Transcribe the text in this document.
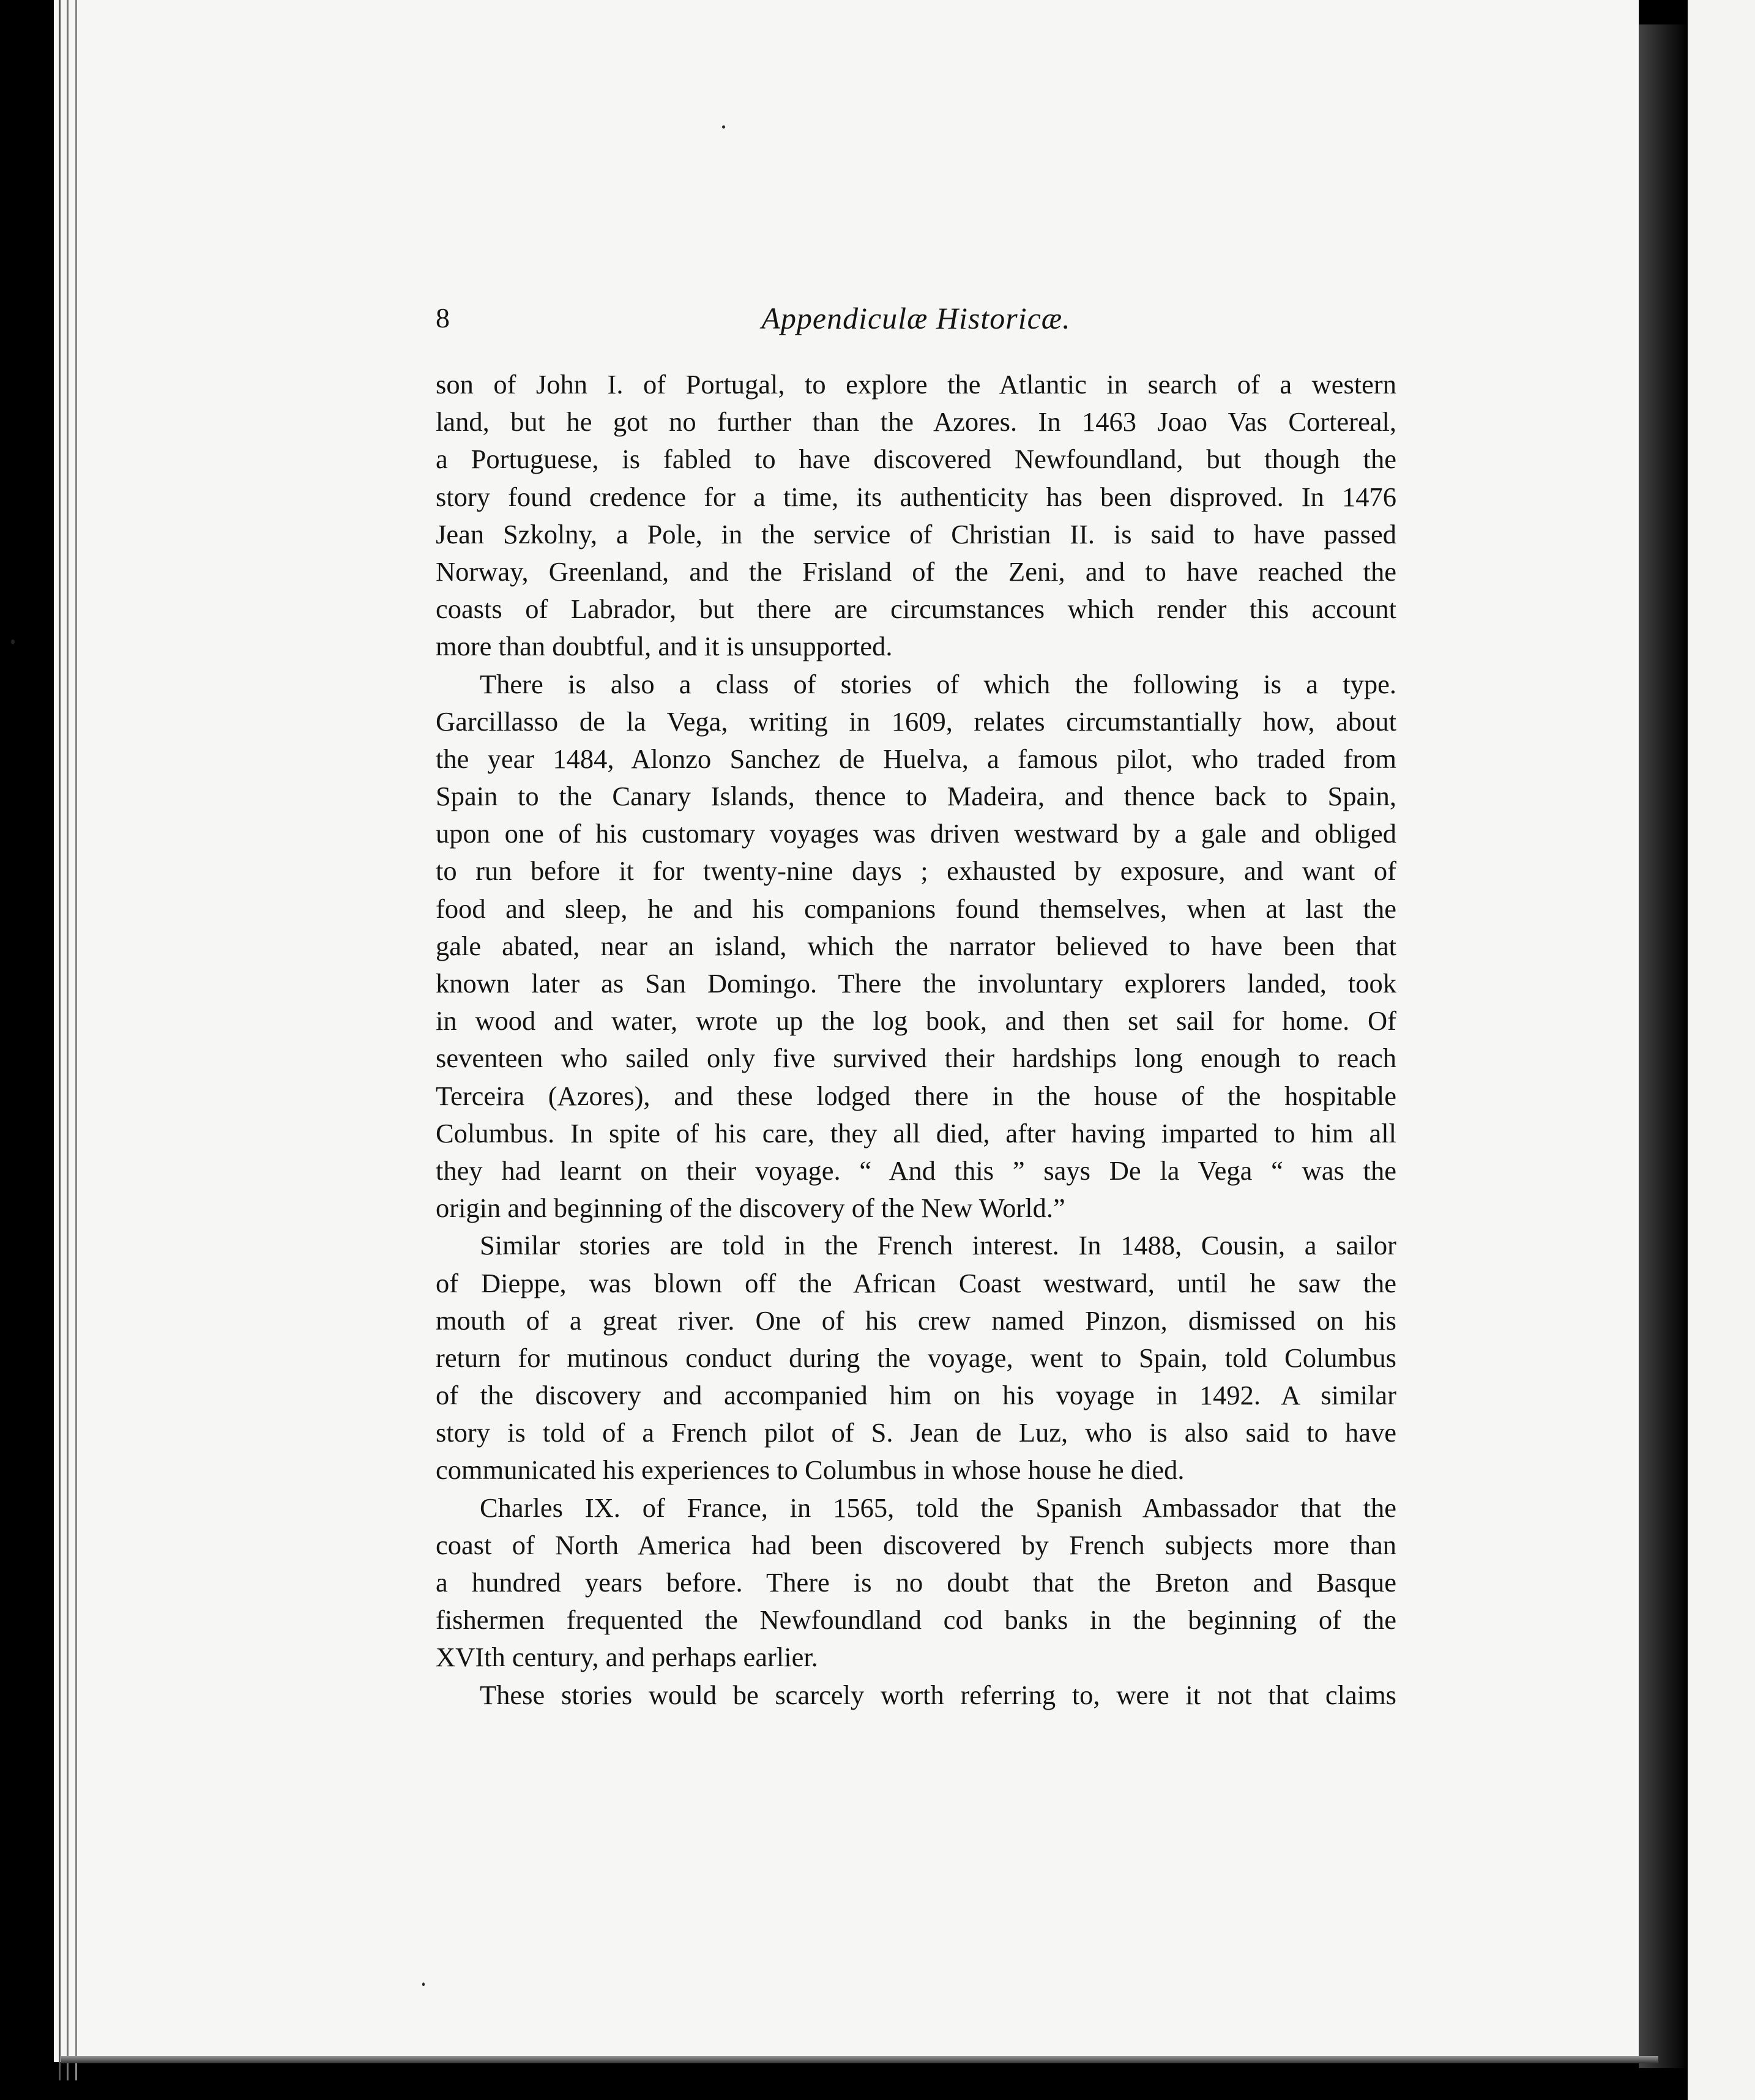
8	Appendiculæ Historicæ.
son of John I. of Portugal, to explore the Atlantic in search of a western
land, but he got no further than the Azores. In 1463 Joao Vas Cortereal,
a Portuguese, is fabled to have discovered Newfoundland, but though the
story found credence for a time, its authenticity has been disproved. In 1476
Jean Szkolny, a Pole, in the service of Christian II. is said to have passed
Norway, Greenland, and the Frisland of the Zeni, and to have reached the
coasts of Labrador, but there are circumstances which render this account
more than doubtful, and it is unsupported.
There is also a class of stories of which the following is a type.
Garcillasso de la Vega, writing in 1609, relates circumstantially how, about
the year 1484, Alonzo Sanchez de Huelva, a famous pilot, who traded from
Spain to the Canary Islands, thence to Madeira, and thence back to Spain,
upon one of his customary voyages was driven westward by a gale and obliged
to run before it for twenty-nine days ; exhausted by exposure, and want of
food and sleep, he and his companions found themselves, when at last the
gale abated, near an island, which the narrator believed to have been that
known later as San Domingo. There the involuntary explorers landed, took
in wood and water, wrote up the log book, and then set sail for home. Of
seventeen who sailed only five survived their hardships long enough to reach
Terceira (Azores), and these lodged there in the house of the hospitable
Columbus. In spite of his care, they all died, after having imparted to him all
they had learnt on their voyage. “ And this ” says De la Vega “ was the
origin and beginning of the discovery of the New World.”
Similar stories are told in the French interest. In 1488, Cousin, a sailor
of Dieppe, was blown off the African Coast westward, until he saw the
mouth of a great river. One of his crew named Pinzon, dismissed on his
return for mutinous conduct during the voyage, went to Spain, told Columbus
of the discovery and accompanied him on his voyage in 1492. A similar
story is told of a French pilot of S. Jean de Luz, who is also said to have
communicated his experiences to Columbus in whose house he died.
Charles IX. of France, in 1565, told the Spanish Ambassador that the
coast of North America had been discovered by French subjects more than
a hundred years before. There is no doubt that the Breton and Basque
fishermen frequented the Newfoundland cod banks in the beginning of the
XVIth century, and perhaps earlier.
These stories would be scarcely worth referring to, were it not that claims
